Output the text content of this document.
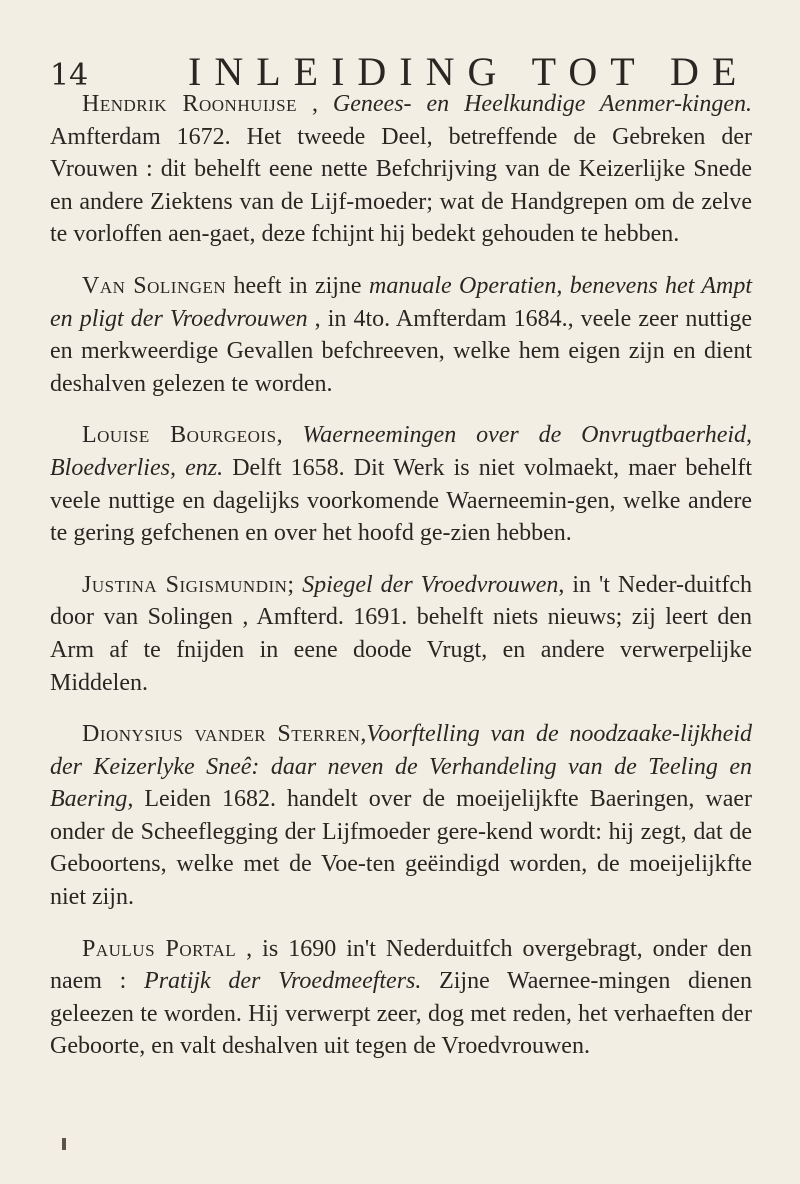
14 INLEIDING TOT DE

Hendrik Roonhuijse , Genees- en Heelkundige Aenmer-kingen. Amfterdam 1672. Het tweede Deel, betreffende de Gebreken der Vrouwen : dit behelft eene nette Befchrijving van de Keizerlijke Snede en andere Ziektens van de Lijf-moeder; wat de Handgrepen om de zelve te vorloffen aen-gaet, deze fchijnt hij bedekt gehouden te hebben.

Van Solingen heeft in zijne manuale Operatien, benevens het Ampt en pligt der Vroedvrouwen , in 4to. Amfterdam 1684., veele zeer nuttige en merkweerdige Gevallen befchreeven, welke hem eigen zijn en dient deshalven gelezen te worden.

Louise Bourgeois, Waerneemingen over de Onvrugtbaerheid, Bloedverlies, enz. Delft 1658. Dit Werk is niet volmaekt, maer behelft veele nuttige en dagelijks voorkomende Waerneemin-gen, welke andere te gering gefchenen en over het hoofd ge-zien hebben.

Justina Sigismundin; Spiegel der Vroedvrouwen, in 't Neder-duitfch door van Solingen , Amfterd. 1691. behelft niets nieuws; zij leert den Arm af te fnijden in eene doode Vrugt, en andere verwerpelijke Middelen.

Dionysius vander Sterren,Voorftelling van de noodzaake-lijkheid der Keizerlyke Sneê: daar neven de Verhandeling van de Teeling en Baering, Leiden 1682. handelt over de moeijelijkfte Baeringen, waer onder de Scheeflegging der Lijfmoeder gere-kend wordt: hij zegt, dat de Geboortens, welke met de Voe-ten geëindigd worden, de moeijelijkfte niet zijn.

Paulus Portal , is 1690 in't Nederduitfch overgebragt, onder den naem : Pratijk der Vroedmeefters. Zijne Waernee-mingen dienen geleezen te worden. Hij verwerpt zeer, dog met reden, het verhaeften der Geboorte, en valt deshalven uit tegen de Vroedvrouwen.
